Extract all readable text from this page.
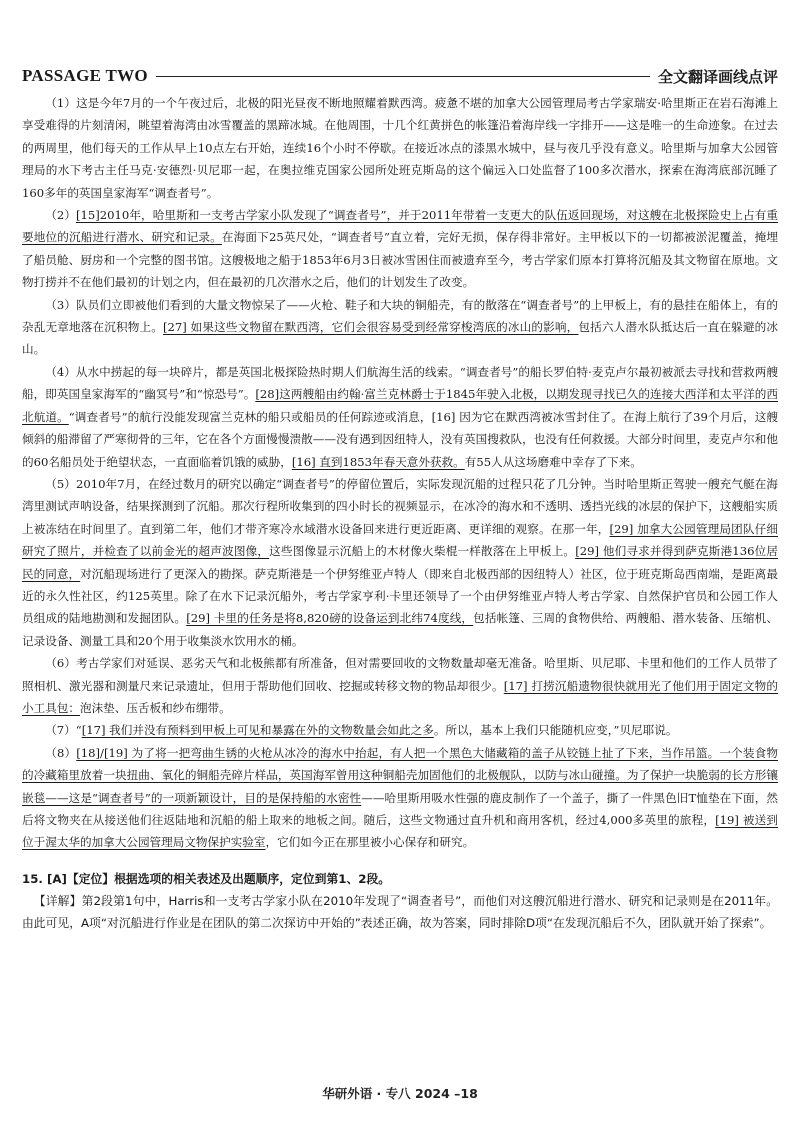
PASSAGE TWO	全文翻译画线点评

（1）这是今年7月的一个午夜过后，北极的阳光昼夜不断地照耀着默西湾。疲惫不堪的加拿大公园管理局考古学家瑞安·哈里斯正在岩石海滩上享受难得的片刻清闲，眺望着海湾由冰雪覆盖的黑蹄冰城。在他周围，十几个红黄拼色的帐篷沿着海岸线一字排开——这是唯一的生命迹象。在过去的两周里，他们每天的工作从早上10点左右开始，连续16个小时不停歇。在接近冰点的漆黑水城中，昼与夜几乎没有意义。哈里斯与加拿大公园管理局的水下考古主任马克·安德烈·贝尼耶一起，在奥拉维克国家公园所处班克斯岛的这个偏远入口处监督了100多次潜水，探索在海湾底部沉睡了160多年的英国皇家海军“调查者号”。

（2）[15]2010年，哈里斯和一支考古学家小队发现了“调查者号”，并于2011年带着一支更大的队伍返回现场，对这艘在北极探险史上占有重要地位的沉船进行潜水、研究和记录。在海面下25英尺处，“调查者号”直立着，完好无损，保存得非常好。主甲板以下的一切都被淤泥覆盖，掩埋了船员舱、厨房和一个完整的图书馆。这艘极地之船于1853年6月3日被冰雪困住而被遗弃至今，考古学家们原本打算将沉船及其文物留在原地。文物打捞并不在他们最初的计划之内，但在最初的几次潜水之后，他们的计划发生了改变。

（3）队员们立即被他们看到的大量文物惊呆了——火枪、鞋子和大块的铜船壳，有的散落在“调查者号”的上甲板上，有的悬挂在船体上，有的杂乱无章地落在沉积物上。[27] 如果这些文物留在默西湾，它们会很容易受到经常穿梭湾底的冰山的影响，包括六人潜水队抵达后一直在躲避的冰山。

（4）从水中捞起的每一块碎片，都是英国北极探险热时期人们航海生活的线索。“调查者号”的船长罗伯特·麦克卢尔最初被派去寻找和营救两艘船，即英国皇家海军的“幽冥号”和“惊恐号”。[28]这两艘船由约翰·富兰克林爵士于1845年驶入北极，以期发现寻找已久的连接大西洋和太平洋的西北航道。“调查者号”的航行没能发现富兰克林的船只或船员的任何踪迹或消息，[16] 因为它在默西湾被冰雪封住了。在海上航行了39个月后，这艘倾斜的船滞留了严寒彻骨的三年，它在各个方面慢慢溃散——没有遇到因纽特人，没有英国搜救队，也没有任何救援。大部分时间里，麦克卢尔和他的60名船员处于绝望状态，一直面临着饥饿的威胁，[16] 直到1853年春天意外获救。有55人从这场磨难中幸存了下来。

（5）2010年7月，在经过数月的研究以确定“调查者号”的停留位置后，实际发现沉船的过程只花了几分钟。当时哈里斯正驾驶一艘充气艇在海湾里测试声呐设备，结果探测到了沉船。那次行程所收集到的四小时长的视频显示，在冰冷的海水和不透明、透挡光线的冰层的保护下，这艘船实质上被冻结在时间里了。直到第二年，他们才带齐寒冷水域潜水设备回来进行更近距离、更详细的观察。在那一年，[29] 加拿大公园管理局团队仔细研究了照片，并检查了以前金光的超声波图像，这些图像显示沉船上的木材像火柴棍一样散落在上甲板上。[29] 他们寻求并得到萨克斯港136位居民的同意，对沉船现场进行了更深入的勘探。萨克斯港是一个伊努维亚卢特人（即来自北极西部的因纽特人）社区，位于班克斯岛西南端，是距离最近的永久性社区，约125英里。除了在水下记录沉船外，考古学家亨利·卡里还领导了一个由伊努维亚卢特人考古学家、自然保护官员和公园工作人员组成的陆地勘测和发掘团队。[29] 卡里的任务是将8,820磅的设备运到北纬74度线，包括帐篷、三周的食物供给、两艘船、潜水装备、压缩机、记录设备、测量工具和20个用于收集淡水饮用水的桶。

（6）考古学家们对延误、恶劣天气和北极熊都有所准备，但对需要回收的文物数量却毫无准备。哈里斯、贝尼耶、卡里和他们的工作人员带了照相机、激光器和测量尺来记录遗址，但用于帮助他们回收、挖掘或转移文物的物品却很少。[17] 打捞沉船遗物很快就用光了他们用于固定文物的小工具包：泡沫垫、压舌板和纱布绷带。

（7）“[17] 我们并没有预料到甲板上可见和暴露在外的文物数量会如此之多。所以，基本上我们只能随机应变，”贝尼耶说。

（8）[18]/[19] 为了将一把弯曲生锈的火枪从冰冷的海水中抬起，有人把一个黑色大储藏箱的盖子从铰链上扯了下来，当作吊篮。一个装食物的冷藏箱里放着一块扭曲、氧化的铜船壳碎片样品，英国海军曾用这种铜船壳加固他们的北极舰队，以防与冰山碰撞。为了保护一块脆弱的长方形镶嵌毯——这是“调查者号”的一项新颖设计，目的是保持船的水密性——哈里斯用吸水性强的鹿皮制作了一个盖子，撕了一件黑色旧T恤垫在下面，然后将文物夹在从接送他们往返陆地和沉船的船上取来的地板之间。随后，这些文物通过直升机和商用客机，经过4,000多英里的旅程，[19] 被送到位于渥太华的加拿大公园管理局文物保护实验室，它们如今正在那里被小心保存和研究。

15. [A]【定位】根据选项的相关表述及出题顺序，定位到第1、2段。

【详解】第2段第1句中，Harris和一支考古学家小队在2010年发现了“调查者号”，而他们对这艘沉船进行潜水、研究和记录则是在2011年。由此可见，A项“对沉船进行作业是在团队的第二次探访中开始的”表述正确，故为答案，同时排除D项“在发现沉船后不久，团队就开始了探索”。

华研外语 · 专八 2024 –18
